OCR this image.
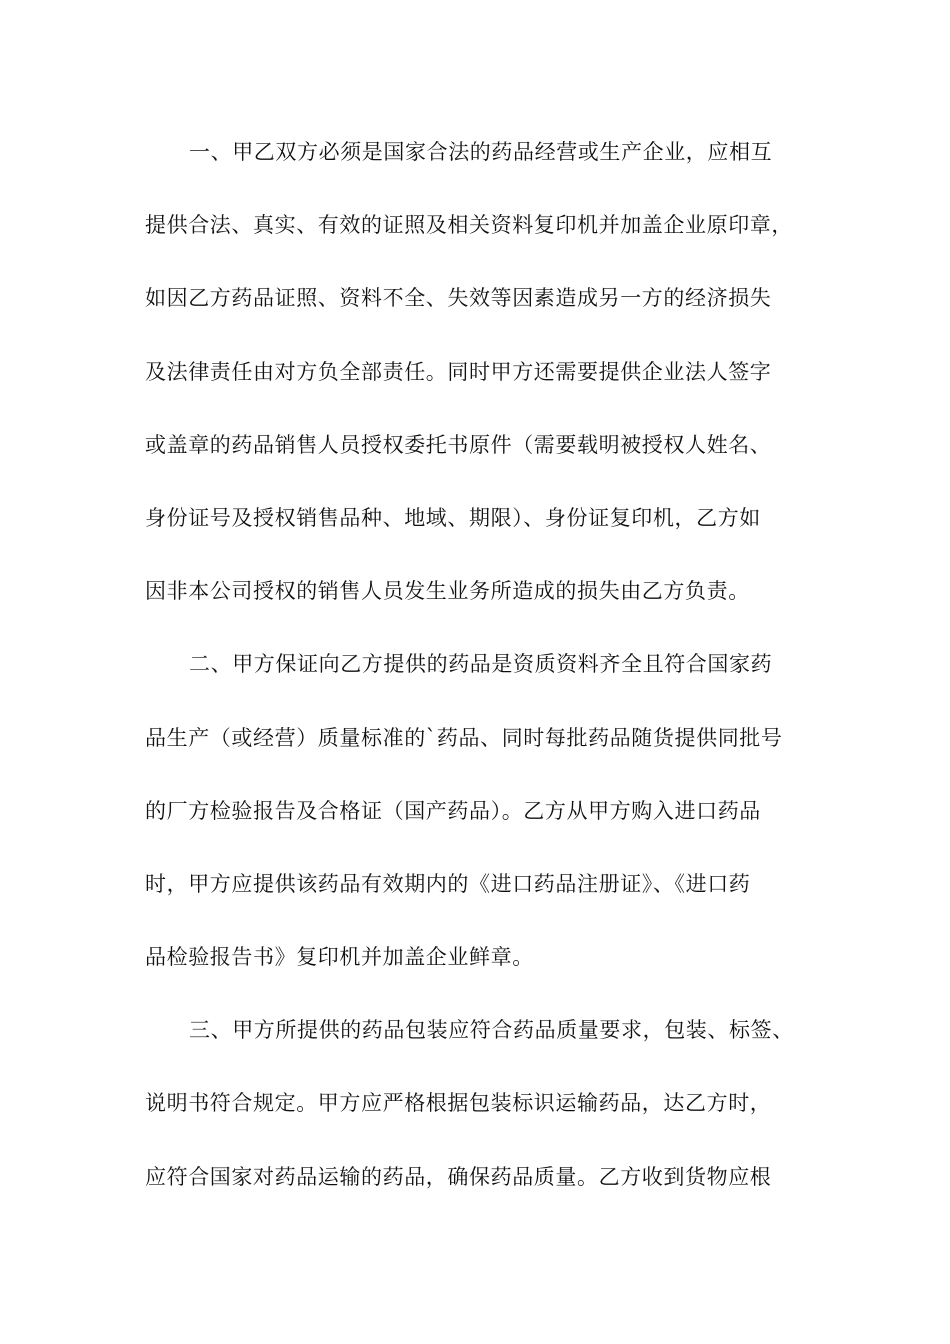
一、甲乙双方必须是国家合法的药品经营或生产企业，应相互
提供合法、真实、有效的证照及相关资料复印机并加盖企业原印章，
如因乙方药品证照、资料不全、失效等因素造成另一方的经济损失
及法律责任由对方负全部责任。同时甲方还需要提供企业法人签字
或盖章的药品销售人员授权委托书原件（需要载明被授权人姓名、
身份证号及授权销售品种、地域、期限）、身份证复印机，乙方如
因非本公司授权的销售人员发生业务所造成的损失由乙方负责。
二、甲方保证向乙方提供的药品是资质资料齐全且符合国家药
品生产（或经营）质量标准的`药品、同时每批药品随货提供同批号
的厂方检验报告及合格证（国产药品）。乙方从甲方购入进口药品
时，甲方应提供该药品有效期内的《进口药品注册证》、《进口药
品检验报告书》复印机并加盖企业鲜章。
三、甲方所提供的药品包装应符合药品质量要求，包装、标签、
说明书符合规定。甲方应严格根据包装标识运输药品，达乙方时，
应符合国家对药品运输的药品，确保药品质量。乙方收到货物应根
